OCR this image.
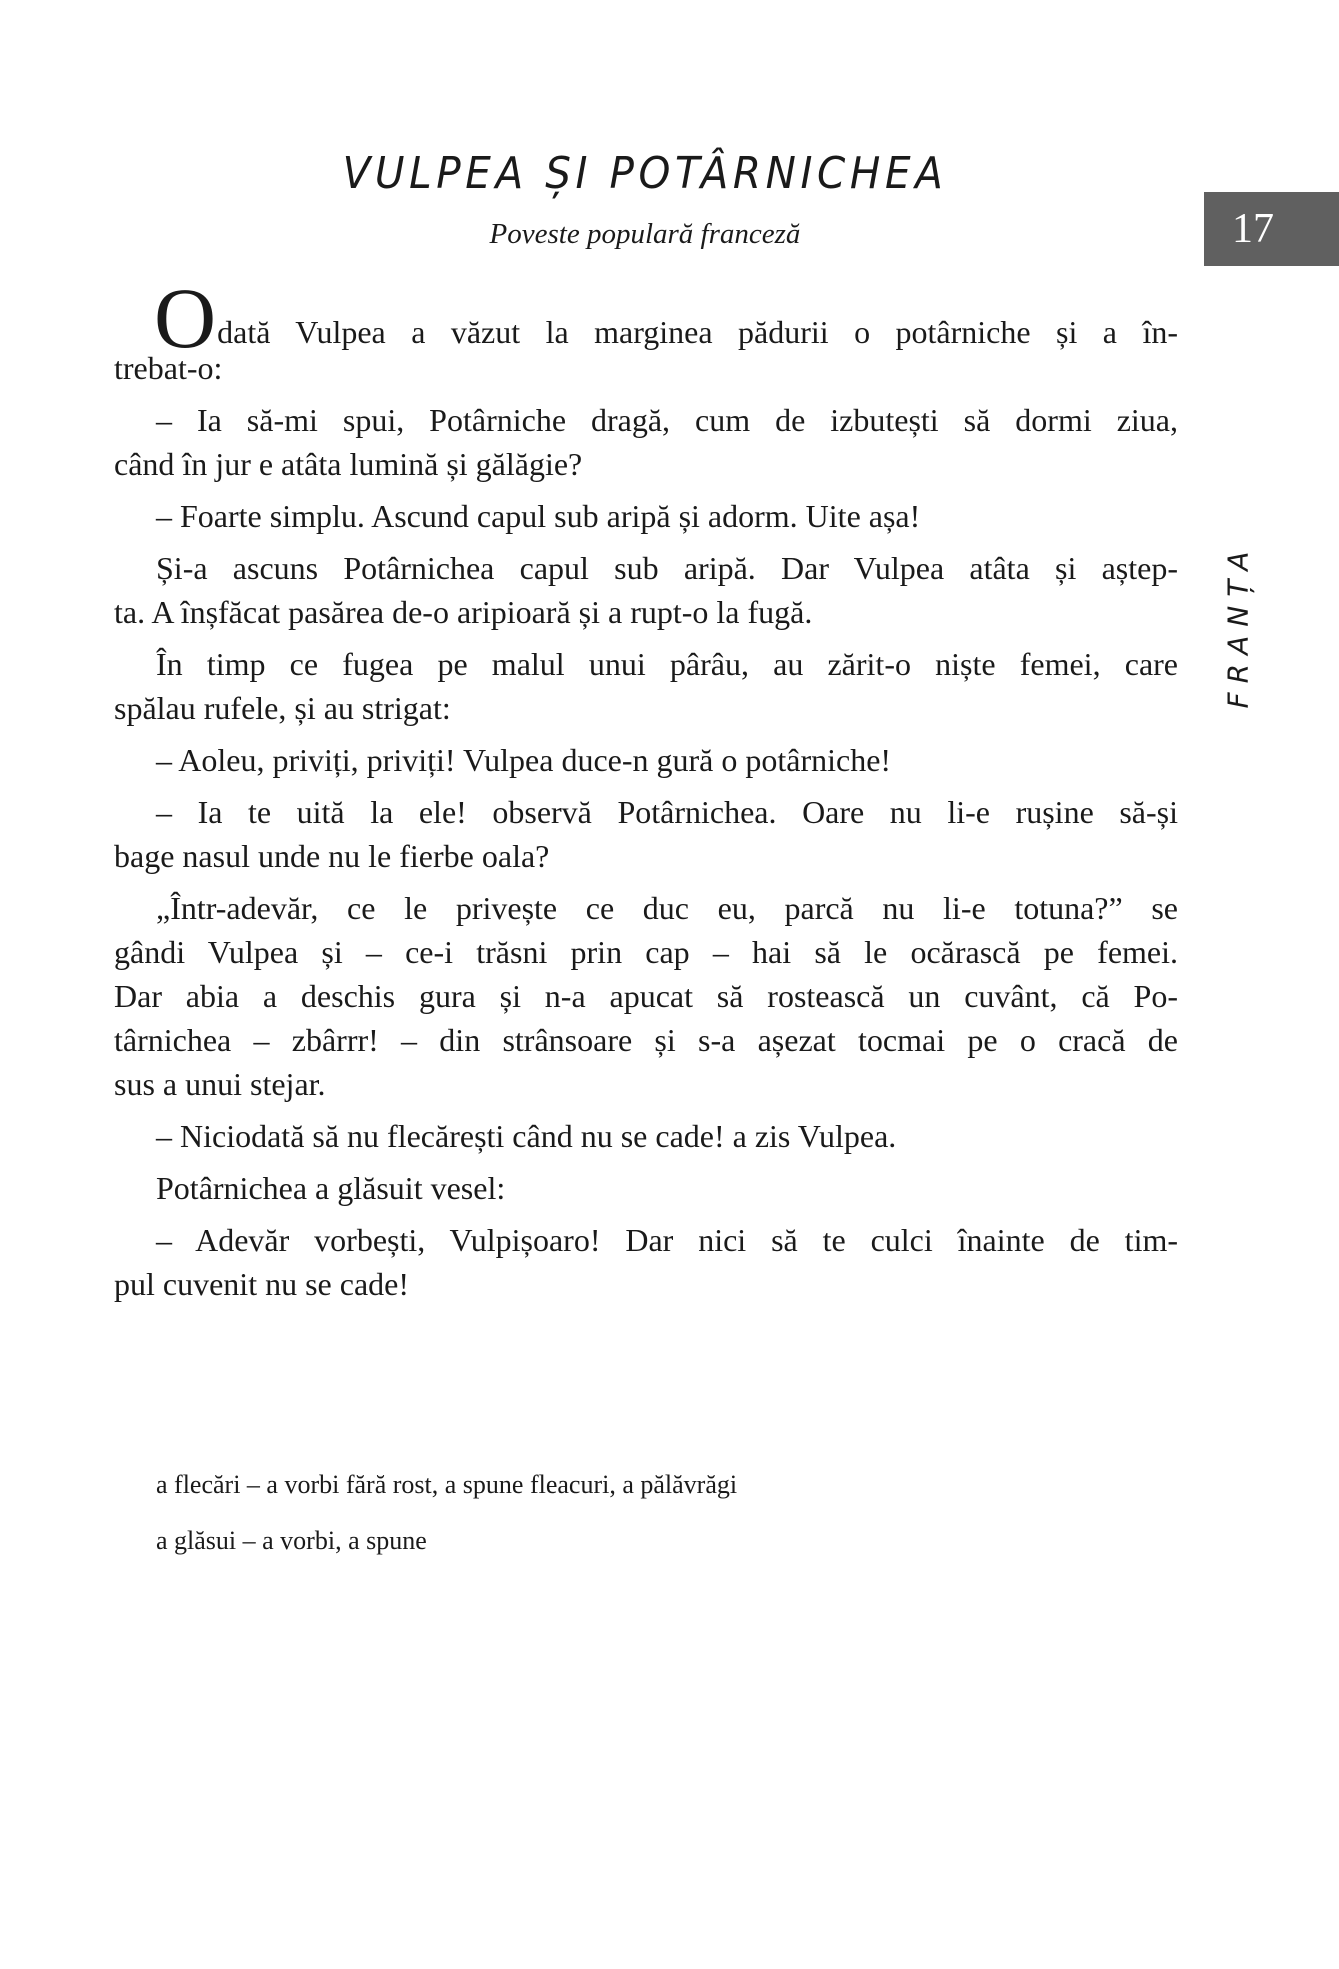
VULPEA ȘI POTÂRNICHEA
Poveste populară franceză	17
FRANȚA
Odată Vulpea a văzut la marginea pădurii o potârniche și a în-
trebat-o:
– Ia să-mi spui, Potârniche dragă, cum de izbutești să dormi ziua,
când în jur e atâta lumină și gălăgie?
– Foarte simplu. Ascund capul sub aripă și adorm. Uite așa!
Și-a ascuns Potârnichea capul sub aripă. Dar Vulpea atâta și aștep-
ta. A înșfăcat pasărea de-o aripioară și a rupt-o la fugă.
În timp ce fugea pe malul unui pârâu, au zărit-o niște femei, care
spălau rufele, și au strigat:
– Aoleu, priviți, priviți! Vulpea duce-n gură o potârniche!
– Ia te uită la ele! observă Potârnichea. Oare nu li-e rușine să-și
bage nasul unde nu le fierbe oala?
„Într-adevăr, ce le privește ce duc eu, parcă nu li-e totuna?” se
gândi Vulpea și – ce-i trăsni prin cap – hai să le ocărască pe femei.
Dar abia a deschis gura și n-a apucat să rostească un cuvânt, că Po-
târnichea – zbârrr! – din strânsoare și s-a așezat tocmai pe o cracă de
sus a unui stejar.
– Niciodată să nu flecărești când nu se cade! a zis Vulpea.
Potârnichea a glăsuit vesel:
– Adevăr vorbești, Vulpișoaro! Dar nici să te culci înainte de tim-
pul cuvenit nu se cade!
a flecări – a vorbi fără rost, a spune fleacuri, a pălăvrăgi
a glăsui – a vorbi, a spune
